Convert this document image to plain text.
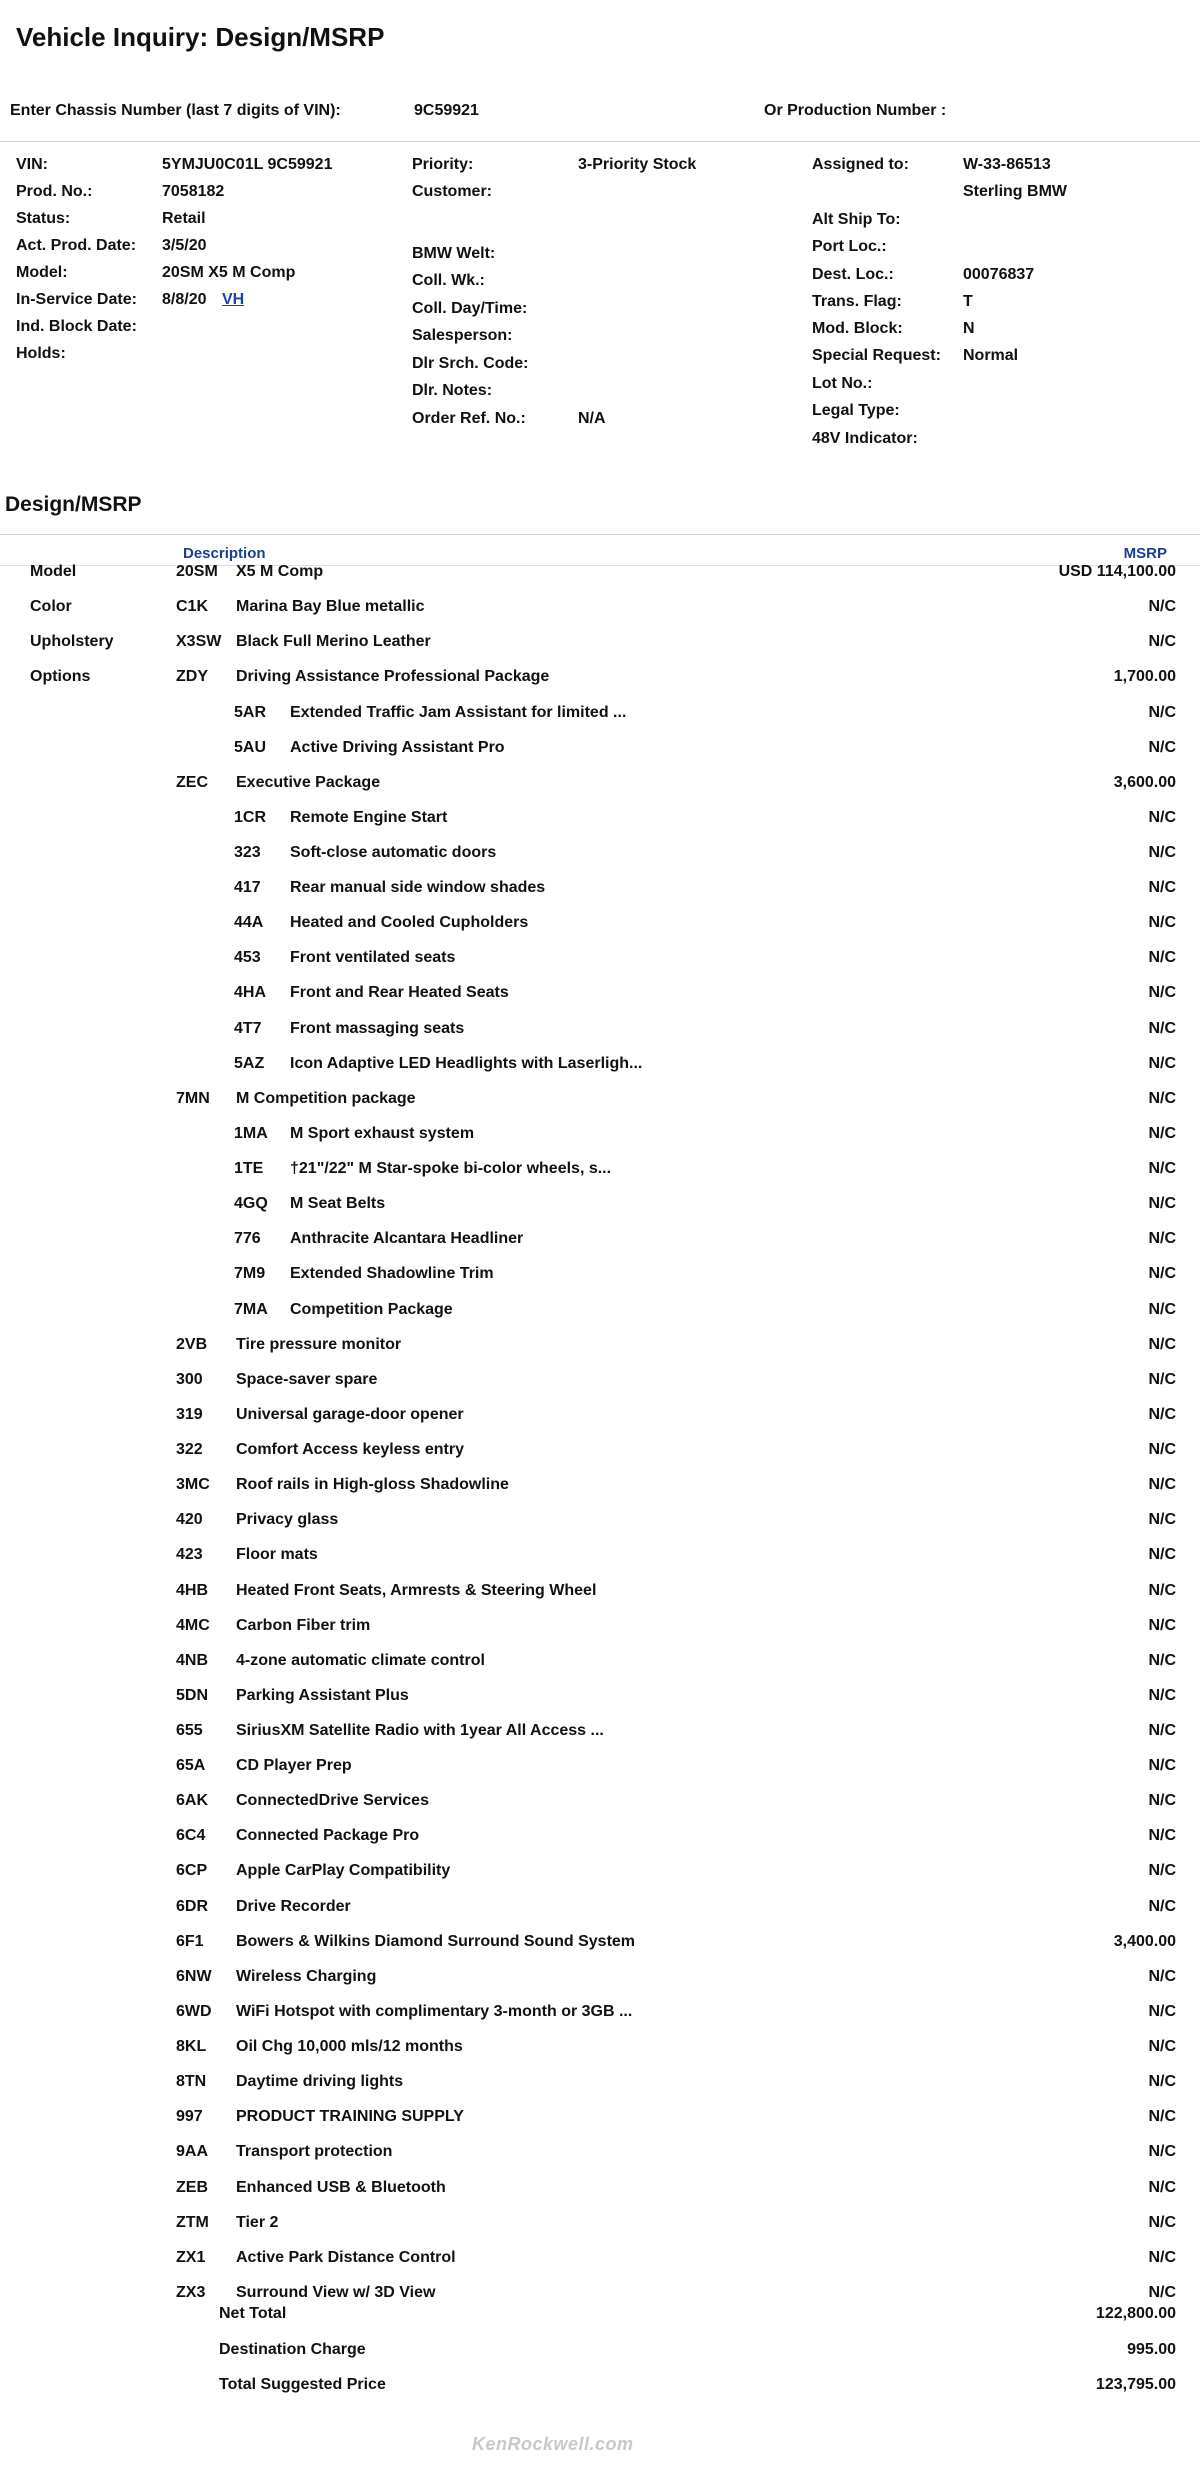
Vehicle Inquiry: Design/MSRP
Enter Chassis Number (last 7 digits of VIN):	9C59921	Or Production Number :
VIN:	5YMJU0C01L 9C59921
Prod. No.:	7058182
Status:	Retail
Act. Prod. Date: 3/5/20
Model:	20SM X5 M Comp
In-Service Date: 8/8/20 VH
Ind. Block Date:
Holds:
Priority:	3-Priority Stock
Customer:
BMW Welt:
Coll. Wk.:
Coll. Day/Time:
Salesperson:
Dlr Srch. Code:
Dlr. Notes:
Order Ref. No.:	N/A
Assigned to:	W-33-86513
Sterling BMW
Alt Ship To:
Port Loc.:
Dest. Loc.:	00076837
Trans. Flag:	T
Mod. Block:	N
Special Request: Normal
Lot No.:
Legal Type:
48V Indicator:
Design/MSRP
Description	MSRP
Model	20SM X5 M Comp	USD 114,100.00
Color	C1K Marina Bay Blue metallic	N/C
Upholstery	X3SW Black Full Merino Leather	N/C
Options	ZDY Driving Assistance Professional Package	1,700.00
5AR Extended Traffic Jam Assistant for limited ...	N/C
5AU Active Driving Assistant Pro	N/C
ZEC Executive Package	3,600.00
1CR Remote Engine Start	N/C
323 Soft-close automatic doors	N/C
417 Rear manual side window shades	N/C
44A Heated and Cooled Cupholders	N/C
453 Front ventilated seats	N/C
4HA Front and Rear Heated Seats	N/C
4T7 Front massaging seats	N/C
5AZ Icon Adaptive LED Headlights with Laserligh...	N/C
7MN M Competition package	N/C
1MA M Sport exhaust system	N/C
1TE †21"/22" M Star-spoke bi-color wheels, s...	N/C
4GQ M Seat Belts	N/C
776 Anthracite Alcantara Headliner	N/C
7M9 Extended Shadowline Trim	N/C
7MA Competition Package	N/C
2VB Tire pressure monitor	N/C
300 Space-saver spare	N/C
319 Universal garage-door opener	N/C
322 Comfort Access keyless entry	N/C
3MC Roof rails in High-gloss Shadowline	N/C
420 Privacy glass	N/C
423 Floor mats	N/C
4HB Heated Front Seats, Armrests & Steering Wheel	N/C
4MC Carbon Fiber trim	N/C
4NB 4-zone automatic climate control	N/C
5DN Parking Assistant Plus	N/C
655 SiriusXM Satellite Radio with 1year All Access ...	N/C
65A CD Player Prep	N/C
6AK ConnectedDrive Services	N/C
6C4 Connected Package Pro	N/C
6CP Apple CarPlay Compatibility	N/C
6DR Drive Recorder	N/C
6F1 Bowers & Wilkins Diamond Surround Sound System	3,400.00
6NW Wireless Charging	N/C
6WD WiFi Hotspot with complimentary 3-month or 3GB ...	N/C
8KL Oil Chg 10,000 mls/12 months	N/C
8TN Daytime driving lights	N/C
997 PRODUCT TRAINING SUPPLY	N/C
9AA Transport protection	N/C
ZEB Enhanced USB & Bluetooth	N/C
ZTM Tier 2	N/C
ZX1 Active Park Distance Control	N/C
ZX3 Surround View w/ 3D View	N/C
Net Total	122,800.00
Destination Charge	995.00
Total Suggested Price	123,795.00
KenRockwell.com
